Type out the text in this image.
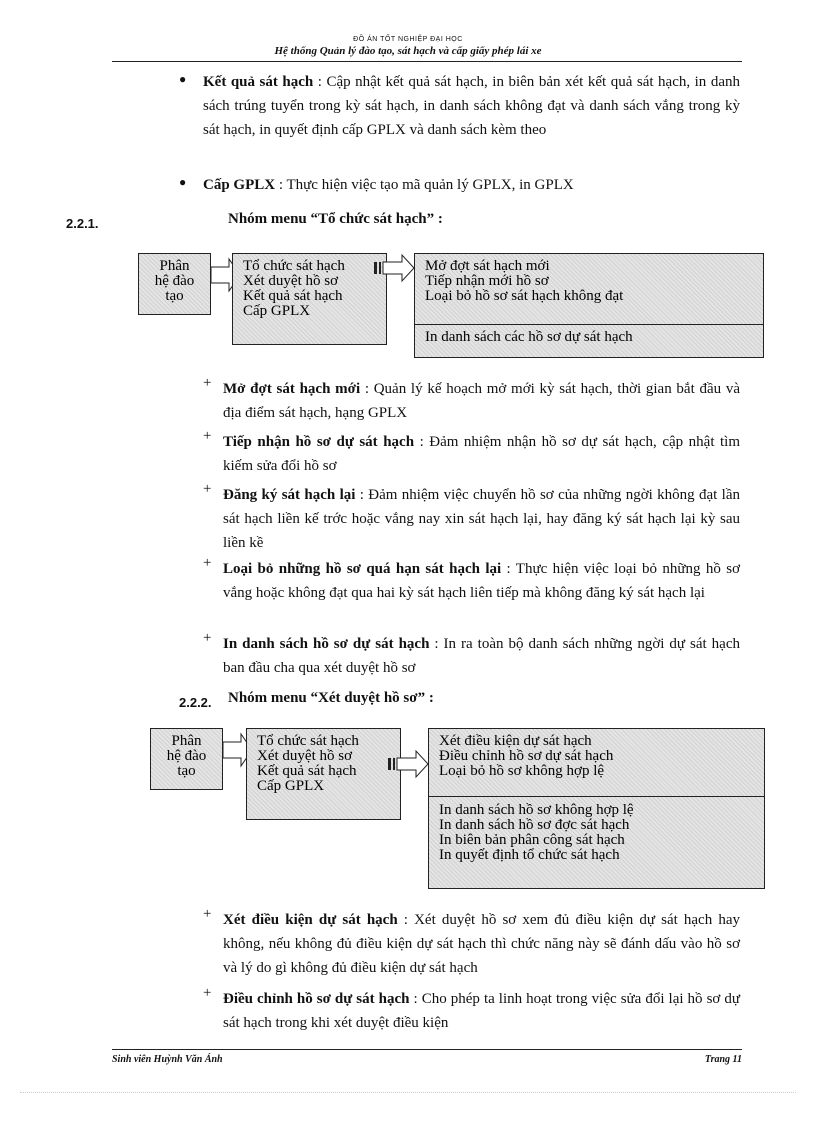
ĐỒ ÁN TỐT NGHIỆP ĐẠI HỌC
Hệ thống Quản lý đào tạo, sát hạch và cấp giấy phép lái xe
● Kết quả sát hạch : Cập nhật kết quả sát hạch, in biên bản xét kết quả sát hạch, in danh sách trúng tuyển trong kỳ sát hạch, in danh sách không đạt và danh sách vắng trong kỳ sát hạch, in quyết định cấp GPLX và danh sách kèm theo
● Cấp GPLX : Thực hiện việc tạo mã quản lý GPLX, in GPLX
2.2.1.	Nhóm menu “Tổ chức sát hạch” :
Phân
hệ đào
tạo
Tổ chức sát hạch
Xét duyệt hồ sơ
Kết quả sát hạch
Cấp GPLX
Mở đợt sát hạch mới
Tiếp nhận mới hồ sơ
Loại bỏ hồ sơ sát hạch không đạt
In danh sách các hồ sơ dự sát hạch
+ Mở đợt sát hạch mới : Quản lý kế hoạch mở mới kỳ sát hạch, thời gian bắt đầu và địa điểm sát hạch, hạng GPLX
+ Tiếp nhận hồ sơ dự sát hạch : Đảm nhiệm nhận hồ sơ dự sát hạch, cập nhật tìm kiếm sửa đổi hồ sơ
+ Đăng ký sát hạch lại : Đảm nhiệm việc chuyển hồ sơ của những ngời không đạt lần sát hạch liền kế trớc hoặc vắng nay xin sát hạch lại, hay đăng ký sát hạch lại kỳ sau liền kề
+ Loại bỏ những hồ sơ quá hạn sát hạch lại : Thực hiện việc loại bỏ những hồ sơ vắng hoặc không đạt qua hai kỳ sát hạch liên tiếp mà không đăng ký sát hạch lại
+ In danh sách hồ sơ dự sát hạch : In ra toàn bộ danh sách những ngời dự sát hạch ban đầu cha qua xét duyệt hồ sơ
2.2.2. Nhóm menu “Xét duyệt hồ sơ” :
Phân
hệ đào
tạo
Tổ chức sát hạch
Xét duyệt hồ sơ
Kết quả sát hạch
Cấp GPLX
Xét điều kiện dự sát hạch
Điều chỉnh hồ sơ dự sát hạch
Loại bỏ hồ sơ không hợp lệ
In danh sách hồ sơ không hợp lệ
In danh sách hồ sơ đợc sát hạch
In biên bản phân công sát hạch
In quyết định tổ chức sát hạch
+ Xét điều kiện dự sát hạch : Xét duyệt hồ sơ xem đủ điều kiện dự sát hạch hay không, nếu không đủ điều kiện dự sát hạch thì chức năng này sẽ đánh dấu vào hồ sơ và lý do gì không đủ điều kiện dự sát hạch
+ Điều chỉnh hồ sơ dự sát hạch : Cho phép ta linh hoạt trong việc sửa đổi lại hồ sơ dự sát hạch trong khi xét duyệt điều kiện
Sinh viên Huỳnh Văn Ánh	Trang 11
